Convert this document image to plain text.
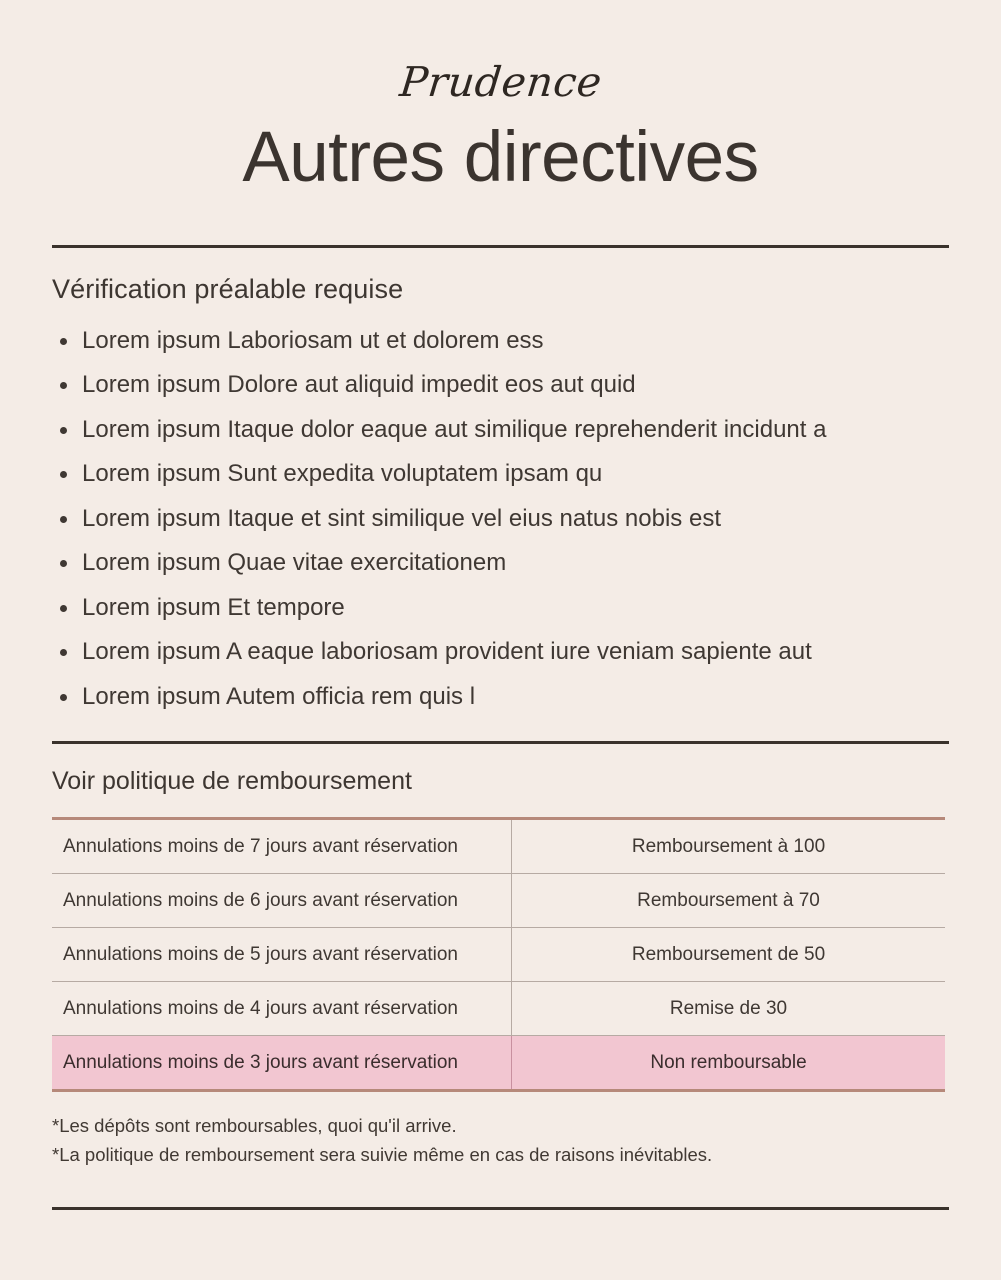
Prudence
Autres directives
Vérification préalable requise
Lorem ipsum Laboriosam ut et dolorem ess
Lorem ipsum Dolore aut aliquid impedit eos aut quid
Lorem ipsum Itaque dolor eaque aut similique reprehenderit incidunt a
Lorem ipsum Sunt expedita voluptatem ipsam qu
Lorem ipsum Itaque et sint similique vel eius natus nobis est
Lorem ipsum Quae vitae exercitationem
Lorem ipsum Et tempore
Lorem ipsum A eaque laboriosam provident iure veniam sapiente aut
Lorem ipsum Autem officia rem quis l
Voir politique de remboursement
Annulations moins de 7 jours avant réservation	Remboursement à 100
Annulations moins de 6 jours avant réservation	Remboursement à 70
Annulations moins de 5 jours avant réservation	Remboursement de 50
Annulations moins de 4 jours avant réservation	Remise de 30
Annulations moins de 3 jours avant réservation	Non remboursable
*Les dépôts sont remboursables, quoi qu'il arrive.
*La politique de remboursement sera suivie même en cas de raisons inévitables.
